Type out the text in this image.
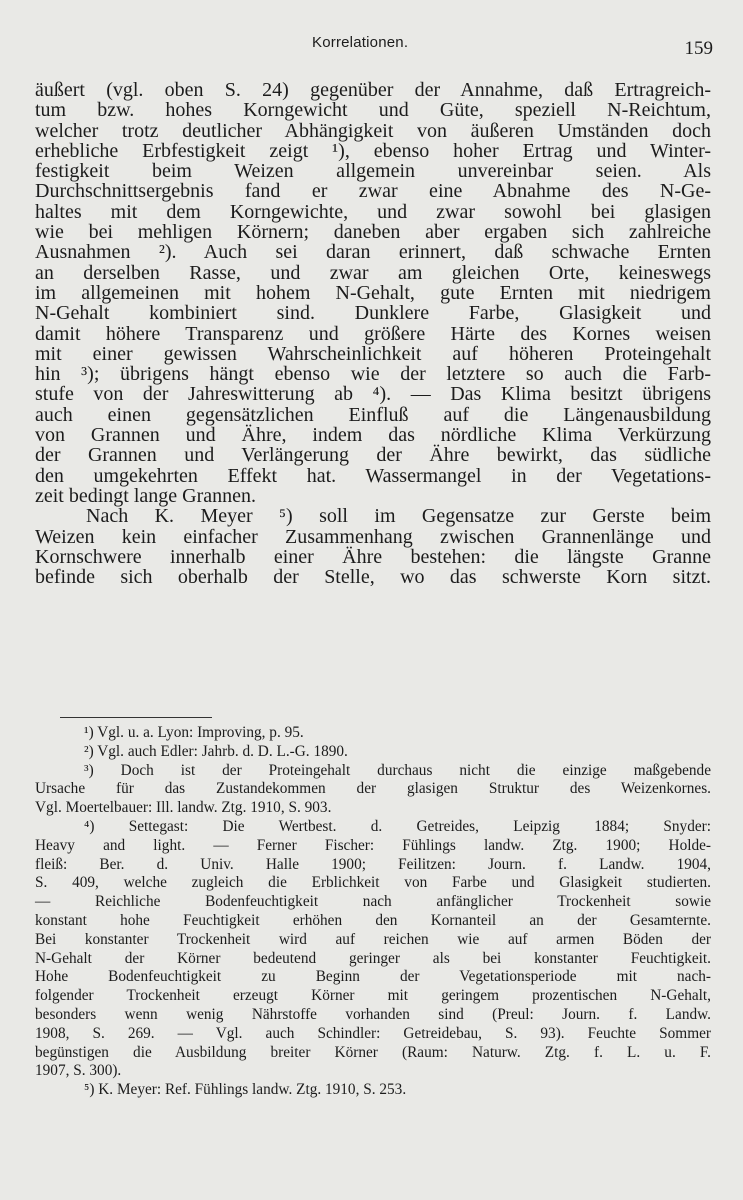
Korrelationen.	159
äußert (vgl. oben S. 24) gegenüber der Annahme, daß Ertragreich-
tum bzw. hohes Korngewicht und Güte, speziell N-Reichtum,
welcher trotz deutlicher Abhängigkeit von äußeren Umständen doch
erhebliche Erbfestigkeit zeigt ¹), ebenso hoher Ertrag und Winter-
festigkeit beim Weizen allgemein unvereinbar seien. Als
Durchschnittsergebnis fand er zwar eine Abnahme des N-Ge-
haltes mit dem Korngewichte, und zwar sowohl bei glasigen
wie bei mehligen Körnern; daneben aber ergaben sich zahlreiche
Ausnahmen ²). Auch sei daran erinnert, daß schwache Ernten
an derselben Rasse, und zwar am gleichen Orte, keineswegs
im allgemeinen mit hohem N-Gehalt, gute Ernten mit niedrigem
N-Gehalt kombiniert sind. Dunklere Farbe, Glasigkeit und
damit höhere Transparenz und größere Härte des Kornes weisen
mit einer gewissen Wahrscheinlichkeit auf höheren Proteingehalt
hin ³); übrigens hängt ebenso wie der letztere so auch die Farb-
stufe von der Jahreswitterung ab ⁴). — Das Klima besitzt übrigens
auch einen gegensätzlichen Einfluß auf die Längenausbildung
von Grannen und Ähre, indem das nördliche Klima Verkürzung
der Grannen und Verlängerung der Ähre bewirkt, das südliche
den umgekehrten Effekt hat. Wassermangel in der Vegetations-
zeit bedingt lange Grannen.
Nach K. Meyer ⁵) soll im Gegensatze zur Gerste beim
Weizen kein einfacher Zusammenhang zwischen Grannenlänge und
Kornschwere innerhalb einer Ähre bestehen: die längste Granne
befinde sich oberhalb der Stelle, wo das schwerste Korn sitzt.
¹) Vgl. u. a. Lyon: Improving, p. 95.
²) Vgl. auch Edler: Jahrb. d. D. L.-G. 1890.
³) Doch ist der Proteingehalt durchaus nicht die einzige maßgebende
Ursache für das Zustandekommen der glasigen Struktur des Weizenkornes.
Vgl. Moertelbauer: Ill. landw. Ztg. 1910, S. 903.
⁴) Settegast: Die Wertbest. d. Getreides, Leipzig 1884; Snyder:
Heavy and light. — Ferner Fischer: Fühlings landw. Ztg. 1900; Holde-
fleiß: Ber. d. Univ. Halle 1900; Feilitzen: Journ. f. Landw. 1904,
S. 409, welche zugleich die Erblichkeit von Farbe und Glasigkeit studierten.
— Reichliche Bodenfeuchtigkeit nach anfänglicher Trockenheit sowie
konstant hohe Feuchtigkeit erhöhen den Kornanteil an der Gesamternte.
Bei konstanter Trockenheit wird auf reichen wie auf armen Böden der
N-Gehalt der Körner bedeutend geringer als bei konstanter Feuchtigkeit.
Hohe Bodenfeuchtigkeit zu Beginn der Vegetationsperiode mit nach-
folgender Trockenheit erzeugt Körner mit geringem prozentischen N-Gehalt,
besonders wenn wenig Nährstoffe vorhanden sind (Preul: Journ. f. Landw.
1908, S. 269. — Vgl. auch Schindler: Getreidebau, S. 93). Feuchte Sommer
begünstigen die Ausbildung breiter Körner (Raum: Naturw. Ztg. f. L. u. F.
1907, S. 300).
⁵) K. Meyer: Ref. Fühlings landw. Ztg. 1910, S. 253.
